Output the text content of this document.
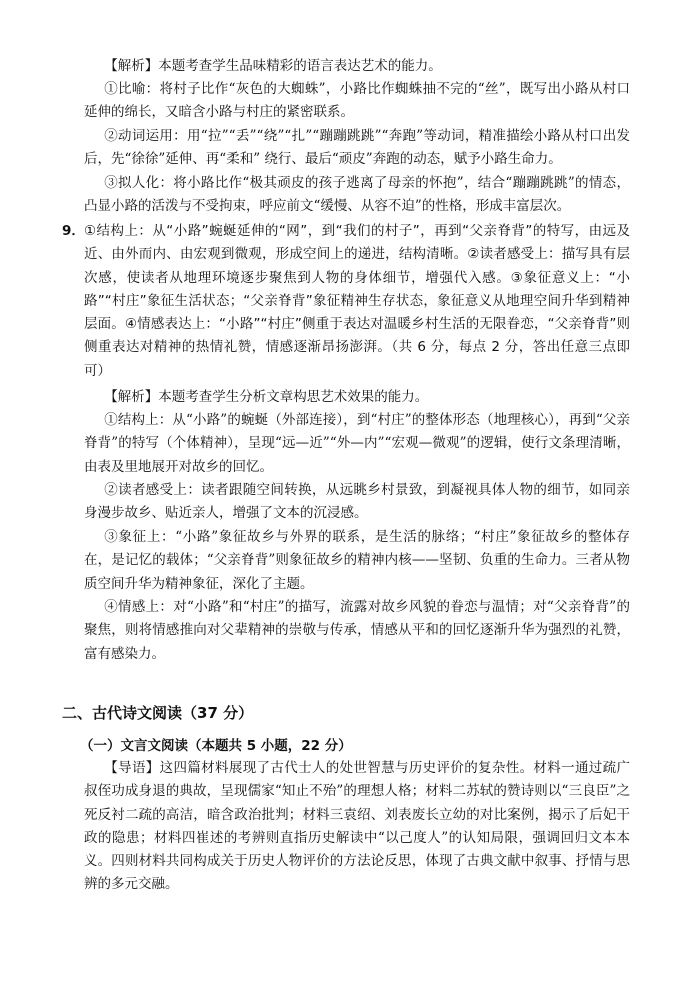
【解析】本题考查学生品味精彩的语言表达艺术的能力。

①比喻：将村子比作“灰色的大蜘蛛”，小路比作蜘蛛抽不完的“丝”，既写出小路从村口延伸的绵长，又暗含小路与村庄的紧密联系。

②动词运用：用“拉”“丢”“绕”“扎”“蹦蹦跳跳”“奔跑”等动词，精准描绘小路从村口出发后，先“徐徐”延伸、再“柔和” 绕行、最后“顽皮”奔跑的动态，赋予小路生命力。

③拟人化：将小路比作“极其顽皮的孩子逃离了母亲的怀抱”，结合“蹦蹦跳跳”的情态，凸显小路的活泼与不受拘束，呼应前文“缓慢、从容不迫”的性格，形成丰富层次。

9． ①结构上：从“小路”蜿蜒延伸的“网”，到“我们的村子”，再到“父亲脊背”的特写，由远及近、由外而内、由宏观到微观，形成空间上的递进，结构清晰。②读者感受上：描写具有层次感，使读者从地理环境逐步聚焦到人物的身体细节，增强代入感。③象征意义上：“小路”“村庄”象征生活状态；“父亲脊背”象征精神生存状态，象征意义从地理空间升华到精神层面。④情感表达上：“小路”“村庄”侧重于表达对温暖乡村生活的无限眷恋，“父亲脊背”则侧重表达对精神的热情礼赞，情感逐渐昂扬澎湃。（共 6 分，每点 2 分，答出任意三点即可）

【解析】本题考查学生分析文章构思艺术效果的能力。

①结构上：从“小路”的蜿蜒（外部连接），到“村庄”的整体形态（地理核心），再到“父亲脊背”的特写（个体精神），呈现“远—近”“外—内”“宏观—微观”的逻辑，使行文条理清晰，由表及里地展开对故乡的回忆。

②读者感受上：读者跟随空间转换，从远眺乡村景致，到凝视具体人物的细节，如同亲身漫步故乡、贴近亲人，增强了文本的沉浸感。

③象征上：“小路”象征故乡与外界的联系，是生活的脉络；“村庄”象征故乡的整体存在，是记忆的载体；“父亲脊背”则象征故乡的精神内核——坚韧、负重的生命力。三者从物质空间升华为精神象征，深化了主题。

④情感上：对“小路”和“村庄”的描写，流露对故乡风貌的眷恋与温情；对“父亲脊背”的聚焦，则将情感推向对父辈精神的崇敬与传承，情感从平和的回忆逐渐升华为强烈的礼赞，富有感染力。

二、古代诗文阅读（37 分）
（一）文言文阅读（本题共 5 小题，22 分）

【导语】这四篇材料展现了古代士人的处世智慧与历史评价的复杂性。材料一通过疏广叔侄功成身退的典故，呈现儒家“知止不殆”的理想人格；材料二苏轼的赞诗则以“三良臣”之死反衬二疏的高洁，暗含政治批判；材料三袁绍、刘表废长立幼的对比案例，揭示了后妃干政的隐患；材料四崔述的考辨则直指历史解读中“以己度人”的认知局限，强调回归文本本义。四则材料共同构成关于历史人物评价的方法论反思，体现了古典文献中叙事、抒情与思辨的多元交融。
